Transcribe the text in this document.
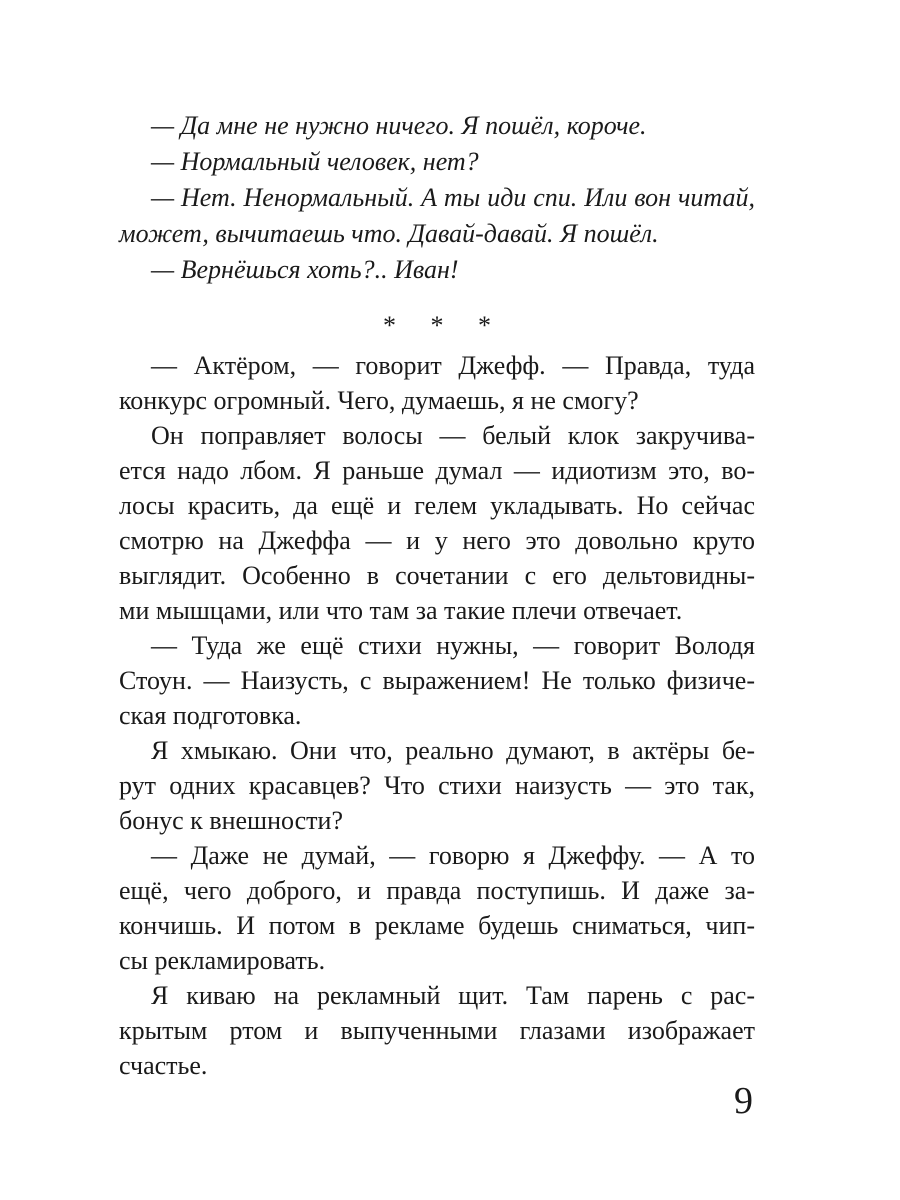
— Да мне не нужно ничего. Я пошёл, короче.
— Нормальный человек, нет?
— Нет. Ненормальный. А ты иди спи. Или вон читай,
может, вычитаешь что. Давай-давай. Я пошёл.
— Вернёшься хоть?.. Иван!
* * *
— Актёром, — говорит Джефф. — Правда, туда
конкурс огромный. Чего, думаешь, я не смогу?
Он поправляет волосы — белый клок закручива-
ется надо лбом. Я раньше думал — идиотизм это, во-
лосы красить, да ещё и гелем укладывать. Но сейчас
смотрю на Джеффа — и у него это довольно круто
выглядит. Особенно в сочетании с его дельтовидны-
ми мышцами, или что там за такие плечи отвечает.
— Туда же ещё стихи нужны, — говорит Володя
Стоун. — Наизусть, с выражением! Не только физиче-
ская подготовка.
Я хмыкаю. Они что, реально думают, в актёры бе-
рут одних красавцев? Что стихи наизусть — это так,
бонус к внешности?
— Даже не думай, — говорю я Джеффу. — А то
ещё, чего доброго, и правда поступишь. И даже за-
кончишь. И потом в рекламе будешь сниматься, чип-
сы рекламировать.
Я киваю на рекламный щит. Там парень с рас-
крытым ртом и выпученными глазами изображает
счастье.
9
